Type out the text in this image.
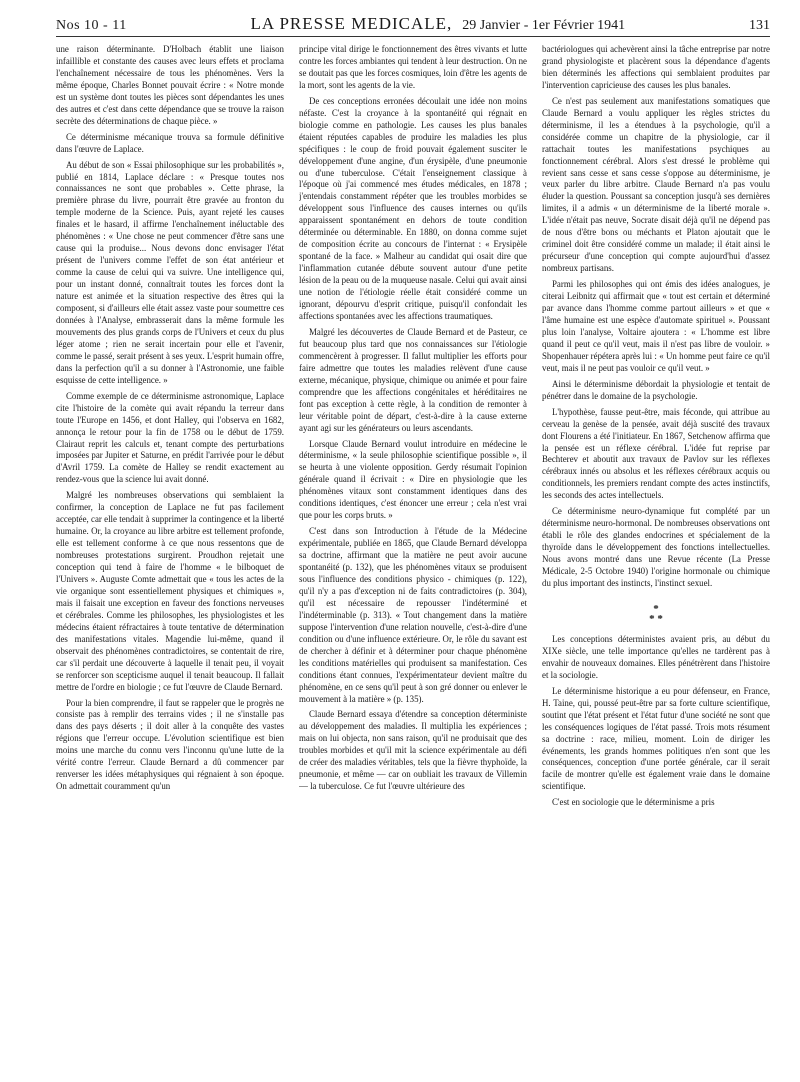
Nos 10 - 11	LA PRESSE MEDICALE, 29 Janvier - 1er Février 1941	131

une raison déterminante. D'Holbach établit une liaison infaillible et constante des causes avec leurs effets et proclama l'enchaînement nécessaire de tous les phénomènes. Vers la même époque, Charles Bonnet pouvait écrire : « Notre monde est un système dont toutes les pièces sont dépendantes les unes des autres et c'est dans cette dépendance que se trouve la raison secrète des déterminations de chaque pièce. »

Ce déterminisme mécanique trouva sa formule définitive dans l'œuvre de Laplace.

Au début de son « Essai philosophique sur les probabilités », publié en 1814, Laplace déclare : « Presque toutes nos connaissances ne sont que probables ». Cette phrase, la première phrase du livre, pourrait être gravée au fronton du temple moderne de la Science. Puis, ayant rejeté les causes finales et le hasard, il affirme l'enchaînement inéluctable des phénomènes : « Une chose ne peut commencer d'être sans une cause qui la produise... Nous devons donc envisager l'état présent de l'univers comme l'effet de son état antérieur et comme la cause de celui qui va suivre. Une intelligence qui, pour un instant donné, connaîtrait toutes les forces dont la nature est animée et la situation respective des êtres qui la composent, si d'ailleurs elle était assez vaste pour soumettre ces données à l'Analyse, embrasserait dans la même formule les mouvements des plus grands corps de l'Univers et ceux du plus léger atome ; rien ne serait incertain pour elle et l'avenir, comme le passé, serait présent à ses yeux. L'esprit humain offre, dans la perfection qu'il a su donner à l'Astronomie, une faible esquisse de cette intelligence. »

Comme exemple de ce déterminisme astronomique, Laplace cite l'histoire de la comète qui avait répandu la terreur dans toute l'Europe en 1456, et dont Halley, qui l'observa en 1682, annonça le retour pour la fin de 1758 ou le début de 1759. Clairaut reprit les calculs et, tenant compte des perturbations imposées par Jupiter et Saturne, en prédit l'arrivée pour le début d'Avril 1759. La comète de Halley se rendit exactement au rendez-vous que la science lui avait donné.

Malgré les nombreuses observations qui semblaient la confirmer, la conception de Laplace ne fut pas facilement acceptée, car elle tendait à supprimer la contingence et la liberté humaine. Or, la croyance au libre arbitre est tellement profonde, elle est tellement conforme à ce que nous ressentons que de nombreuses protestations surgirent. Proudhon rejetait une conception qui tend à faire de l'homme « le bilboquet de l'Univers ». Auguste Comte admettait que « tous les actes de la vie organique sont essentiellement physiques et chimiques », mais il faisait une exception en faveur des fonctions nerveuses et cérébrales. Comme les philosophes, les physiologistes et les médecins étaient réfractaires à toute tentative de détermination des manifestations vitales. Magendie lui-même, quand il observait des phénomènes contradictoires, se contentait de rire, car s'il perdait une découverte à laquelle il tenait peu, il voyait se renforcer son scepticisme auquel il tenait beaucoup. Il fallait mettre de l'ordre en biologie ; ce fut l'œuvre de Claude Bernard.

Pour la bien comprendre, il faut se rappeler que le progrès ne consiste pas à remplir des terrains vides ; il ne s'installe pas dans des pays déserts ; il doit aller à la conquête des vastes régions que l'erreur occupe. L'évolution scientifique est bien moins une marche du connu vers l'inconnu qu'une lutte de la vérité contre l'erreur. Claude Bernard a dû commencer par renverser les idées métaphysiques qui régnaient à son époque. On admettait couramment qu'un

principe vital dirige le fonctionnement des êtres vivants et lutte contre les forces ambiantes qui tendent à leur destruction. On ne se doutait pas que les forces cosmiques, loin d'être les agents de la mort, sont les agents de la vie.

De ces conceptions erronées découlait une idée non moins néfaste. C'est la croyance à la spontanéité qui régnait en biologie comme en pathologie. Les causes les plus banales étaient réputées capables de produire les maladies les plus spécifiques : le coup de froid pouvait également susciter le développement d'une angine, d'un érysipèle, d'une pneumonie ou d'une tuberculose. C'était l'enseignement classique à l'époque où j'ai commencé mes études médicales, en 1878 ; j'entendais constamment répéter que les troubles morbides se développent sous l'influence des causes internes ou qu'ils apparaissent spontanément en dehors de toute condition déterminée ou déterminable. En 1880, on donna comme sujet de composition écrite au concours de l'internat : « Erysipèle spontané de la face. » Malheur au candidat qui osait dire que l'inflammation cutanée débute souvent autour d'une petite lésion de la peau ou de la muqueuse nasale. Celui qui avait ainsi une notion de l'étiologie réelle était considéré comme un ignorant, dépourvu d'esprit critique, puisqu'il confondait les affections spontanées avec les affections traumatiques.

Malgré les découvertes de Claude Bernard et de Pasteur, ce fut beaucoup plus tard que nos connaissances sur l'étiologie commencèrent à progresser. Il fallut multiplier les efforts pour faire admettre que toutes les maladies relèvent d'une cause externe, mécanique, physique, chimique ou animée et pour faire comprendre que les affections congénitales et héréditaires ne font pas exception à cette règle, à la condition de remonter à leur véritable point de départ, c'est-à-dire à la cause externe ayant agi sur les générateurs ou leurs ascendants.

Lorsque Claude Bernard voulut introduire en médecine le déterminisme, « la seule philosophie scientifique possible », il se heurta à une violente opposition. Gerdy résumait l'opinion générale quand il écrivait : « Dire en physiologie que les phénomènes vitaux sont constamment identiques dans des conditions identiques, c'est énoncer une erreur ; cela n'est vrai que pour les corps bruts. »

C'est dans son Introduction à l'étude de la Médecine expérimentale, publiée en 1865, que Claude Bernard développa sa doctrine, affirmant que la matière ne peut avoir aucune spontanéité (p. 132), que les phénomènes vitaux se produisent sous l'influence des conditions physico - chimiques (p. 122), qu'il n'y a pas d'exception ni de faits contradictoires (p. 304), qu'il est nécessaire de repousser l'indéterminé et l'indéterminable (p. 313). « Tout changement dans la matière suppose l'intervention d'une relation nouvelle, c'est-à-dire d'une condition ou d'une influence extérieure. Or, le rôle du savant est de chercher à définir et à déterminer pour chaque phénomène les conditions matérielles qui produisent sa manifestation. Ces conditions étant connues, l'expérimentateur devient maître du phénomène, en ce sens qu'il peut à son gré donner ou enlever le mouvement à la matière » (p. 135).

Claude Bernard essaya d'étendre sa conception déterministe au développement des maladies. Il multiplia les expériences ; mais on lui objecta, non sans raison, qu'il ne produisait que des troubles morbides et qu'il mit la science expérimentale au défi de créer des maladies véritables, tels que la fièvre thyphoïde, la pneumonie, et même — car on oubliait les travaux de Villemin — la tuberculose. Ce fut l'œuvre ultérieure des

bactériologues qui achevèrent ainsi la tâche entreprise par notre grand physiologiste et placèrent sous la dépendance d'agents bien déterminés les affections qui semblaient produites par l'intervention capricieuse des causes les plus banales.

Ce n'est pas seulement aux manifestations somatiques que Claude Bernard a voulu appliquer les règles strictes du déterminisme, il les a étendues à la psychologie, qu'il a considérée comme un chapitre de la physiologie, car il rattachait toutes les manifestations psychiques au fonctionnement cérébral. Alors s'est dressé le problème qui revient sans cesse et sans cesse s'oppose au déterminisme, je veux parler du libre arbitre. Claude Bernard n'a pas voulu éluder la question. Poussant sa conception jusqu'à ses dernières limites, il a admis « un déterminisme de la liberté morale ». L'idée n'était pas neuve, Socrate disait déjà qu'il ne dépend pas de nous d'être bons ou méchants et Platon ajoutait que le criminel doit être considéré comme un malade; il était ainsi le précurseur d'une conception qui compte aujourd'hui d'assez nombreux partisans.

Parmi les philosophes qui ont émis des idées analogues, je citerai Leibnitz qui affirmait que « tout est certain et déterminé par avance dans l'homme comme partout ailleurs » et que « l'âme humaine est une espèce d'automate spirituel ». Poussant plus loin l'analyse, Voltaire ajoutera : « L'homme est libre quand il peut ce qu'il veut, mais il n'est pas libre de vouloir. » Shopenhauer répétera après lui : « Un homme peut faire ce qu'il veut, mais il ne peut pas vouloir ce qu'il veut. »

Ainsi le déterminisme débordait la physiologie et tentait de pénétrer dans le domaine de la psychologie.

L'hypothèse, fausse peut-être, mais féconde, qui attribue au cerveau la genèse de la pensée, avait déjà suscité des travaux dont Flourens a été l'initiateur. En 1867, Setchenow affirma que la pensée est un réflexe cérébral. L'idée fut reprise par Bechterev et aboutit aux travaux de Pavlov sur les réflexes cérébraux innés ou absolus et les réflexes cérébraux acquis ou conditionnels, les premiers rendant compte des actes instinctifs, les seconds des actes intellectuels.

Ce déterminisme neuro-dynamique fut complété par un déterminisme neuro-hormonal. De nombreuses observations ont établi le rôle des glandes endocrines et spécialement de la thyroïde dans le développement des fonctions intellectuelles. Nous avons montré dans une Revue récente (La Presse Médicale, 2-5 Octobre 1940) l'origine hormonale ou chimique du plus important des instincts, l'instinct sexuel.

*
* *

Les conceptions déterministes avaient pris, au début du XIXe siècle, une telle importance qu'elles ne tardèrent pas à envahir de nouveaux domaines. Elles pénétrèrent dans l'histoire et la sociologie.

Le déterminisme historique a eu pour défenseur, en France, H. Taine, qui, poussé peut-être par sa forte culture scientifique, soutint que l'état présent et l'état futur d'une société ne sont que les conséquences logiques de l'état passé. Trois mots résument sa doctrine : race, milieu, moment. Loin de diriger les événements, les grands hommes politiques n'en sont que les conséquences, conception d'une portée générale, car il serait facile de montrer qu'elle est également vraie dans le domaine scientifique.

C'est en sociologie que le déterminisme a pris
